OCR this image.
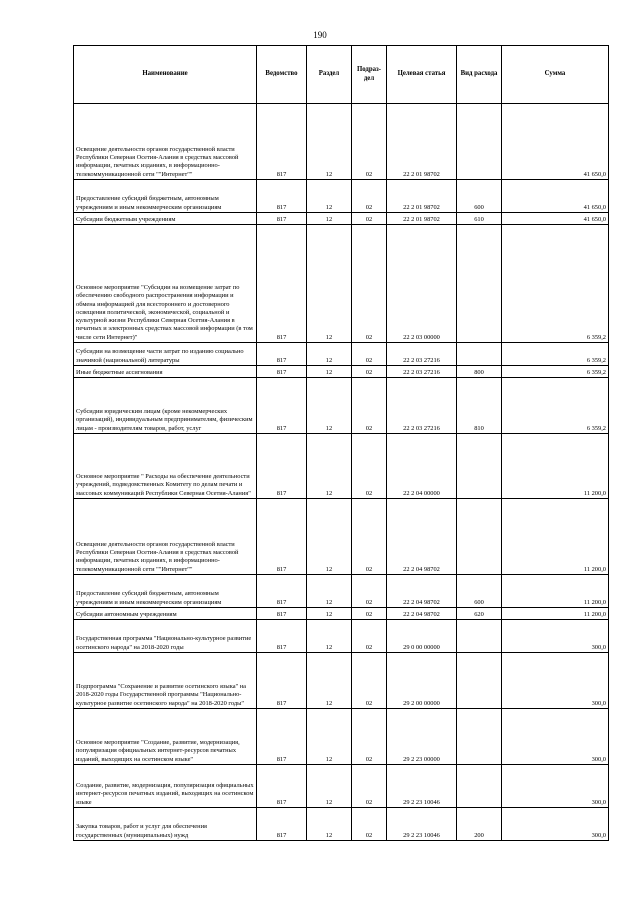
190
Наименование	Ведомство	Раздел	Подраз-дел	Целевая статья	Вид расхода	Сумма
Освещение деятельности органов государственной власти Республики Северная Осетия-Алания в средствах массовой информации, печатных изданиях, в информационно-телекоммуникационной сети ""Интернет""	817	12	02	22 2 01 98702		41 650,0
Предоставление субсидий бюджетным, автономным учреждениям и иным некоммерческим организациям	817	12	02	22 2 01 98702	600	41 650,0
Субсидии бюджетным учреждениям	817	12	02	22 2 01 98702	610	41 650,0
Основное мероприятие "Субсидии на возмещение затрат по обеспечению свободного распространения информации и обмена информацией для всестороннего и достоверного освещения политической, экономической, социальной и культурной жизни Республики Северная Осетия-Алания в печатных и электронных средствах массовой информации (в том числе сети Интернет)"	817	12	02	22 2 03 00000		6 359,2
Субсидии на возмещение части затрат по изданию социально значимой (национальной) литературы	817	12	02	22 2 03 27216		6 359,2
Иные бюджетные ассигнования	817	12	02	22 2 03 27216	800	6 359,2
Субсидии юридическим лицам (кроме некоммерческих организаций), индивидуальным предпринимателям, физическим лицам - производителям товаров, работ, услуг	817	12	02	22 2 03 27216	810	6 359,2
Основное мероприятие " Расходы на обеспечение деятельности учреждений, подведомственных Комитету по делам печати и массовых коммуникаций Республики Северная Осетия-Алания"	817	12	02	22 2 04 00000		11 200,0
Освещение деятельности органов государственной власти Республики Северная Осетия-Алания в средствах массовой информации, печатных изданиях, в информационно-телекоммуникационной сети ""Интернет""	817	12	02	22 2 04 98702		11 200,0
Предоставление субсидий бюджетным, автономным учреждениям и иным некоммерческим организациям	817	12	02	22 2 04 98702	600	11 200,0
Субсидии автономным учреждениям	817	12	02	22 2 04 98702	620	11 200,0
Государственная программа "Национально-культурное развитие осетинского народа" на 2018-2020 годы	817	12	02	29 0 00 00000		300,0
Подпрограмма "Сохранение и развитие осетинского языка" на 2018-2020 годы Государственной программы "Национально-культурное развитие осетинского народа" на 2018-2020 годы"	817	12	02	29 2 00 00000		300,0
Основное мероприятие "Создание, развитие, модернизация, популяризация официальных интернет-ресурсов печатных изданий, выходящих на осетинском языке"	817	12	02	29 2 23 00000		300,0
Создание, развитие, модернизация, популяризация официальных интернет-ресурсов печатных изданий, выходящих на осетинском языке	817	12	02	29 2 23 10046		300,0
Закупка товаров, работ и услуг для обеспечения государственных (муниципальных) нужд	817	12	02	29 2 23 10046	200	300,0
